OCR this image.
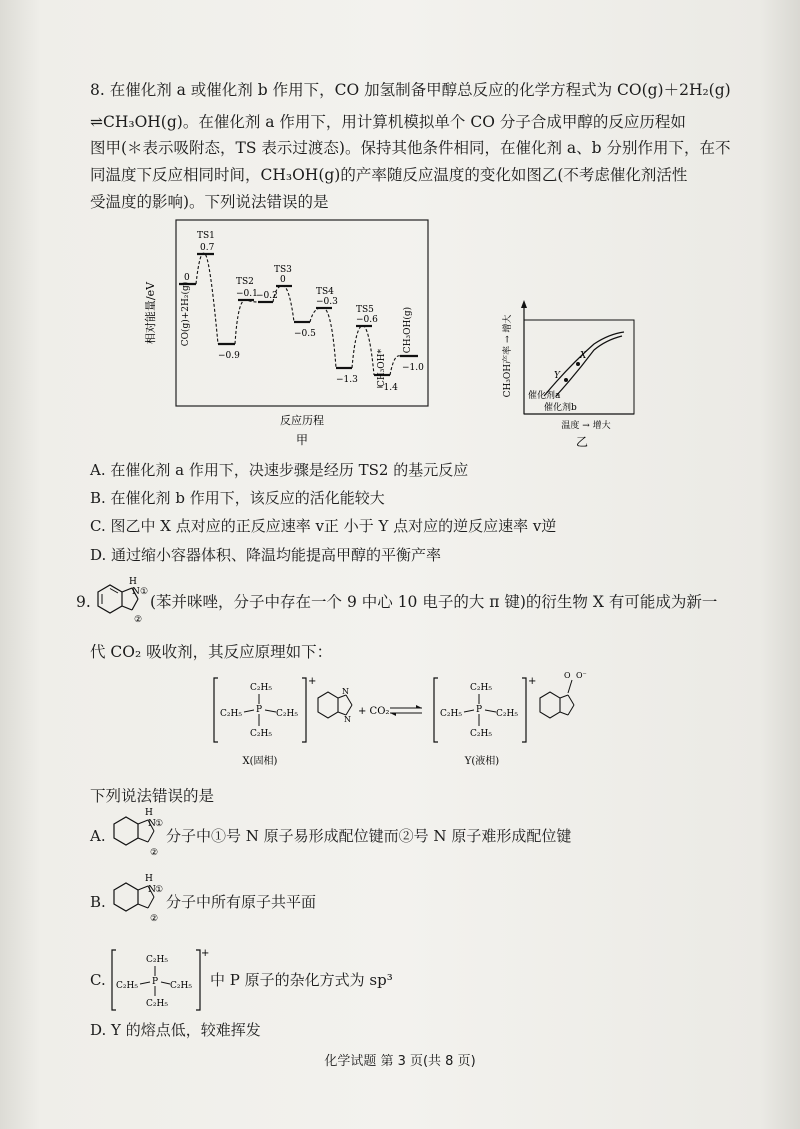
8. 在催化剂 a 或催化剂 b 作用下，CO 加氢制备甲醇总反应的化学方程式为 CO(g)＋2H₂(g)
⇌CH₃OH(g)。在催化剂 a 作用下，用计算机模拟单个 CO 分子合成甲醇的反应历程如
图甲(＊表示吸附态，TS 表示过渡态)。保持其他条件相同，在催化剂 a、b 分别作用下，在不
同温度下反应相同时间，CH₃OH(g)的产率随反应温度的变化如图乙(不考虑催化剂活性
受温度的影响)。下列说法错误的是
相对能量/eV	CO(g)+2H₂(g)
0
TS1
0.7
−0.9
TS2
−0.1
−0.2
TS3
0
−0.5
TS4
−0.3
−1.3
TS5
−0.6
−1.4
CH₃OH*
CH₃OH(g)
−1.0
反应历程
甲
CH₃OH产率 → 增大	X
Y
催化剂a
催化剂b
温度 → 增大
乙
A. 在催化剂 a 作用下，决速步骤是经历 TS2 的基元反应
B. 在催化剂 b 作用下，该反应的活化能较大
C. 图乙中 X 点对应的正反应速率 v正 小于 Y 点对应的逆反应速率 v逆
D. 通过缩小容器体积、降温均能提高甲醇的平衡产率
9.
H
N ①
②
(苯并咪唑，分子中存在一个 9 中心 10 电子的大 π 键)的衍生物 X 有可能成为新一
代 CO₂ 吸收剂，其反应原理如下：
+
C₂H₅
P
C₂H₅	C₂H₅
C₂H₅
N
N
+ CO₂
+
C₂H₅
P
C₂H₅	C₂H₅
C₂H₅
O O⁻
X(固相)	Y(液相)
下列说法错误的是
A.
H
N ①
②
分子中①号 N 原子易形成配位键而②号 N 原子难形成配位键
B.
H
N ①
②
分子中所有原子共平面
C.
+
C₂H₅
P
C₂H₅	C₂H₅
C₂H₅
中 P 原子的杂化方式为 sp³
D. Y 的熔点低，较难挥发
化学试题 第 3 页(共 8 页)
